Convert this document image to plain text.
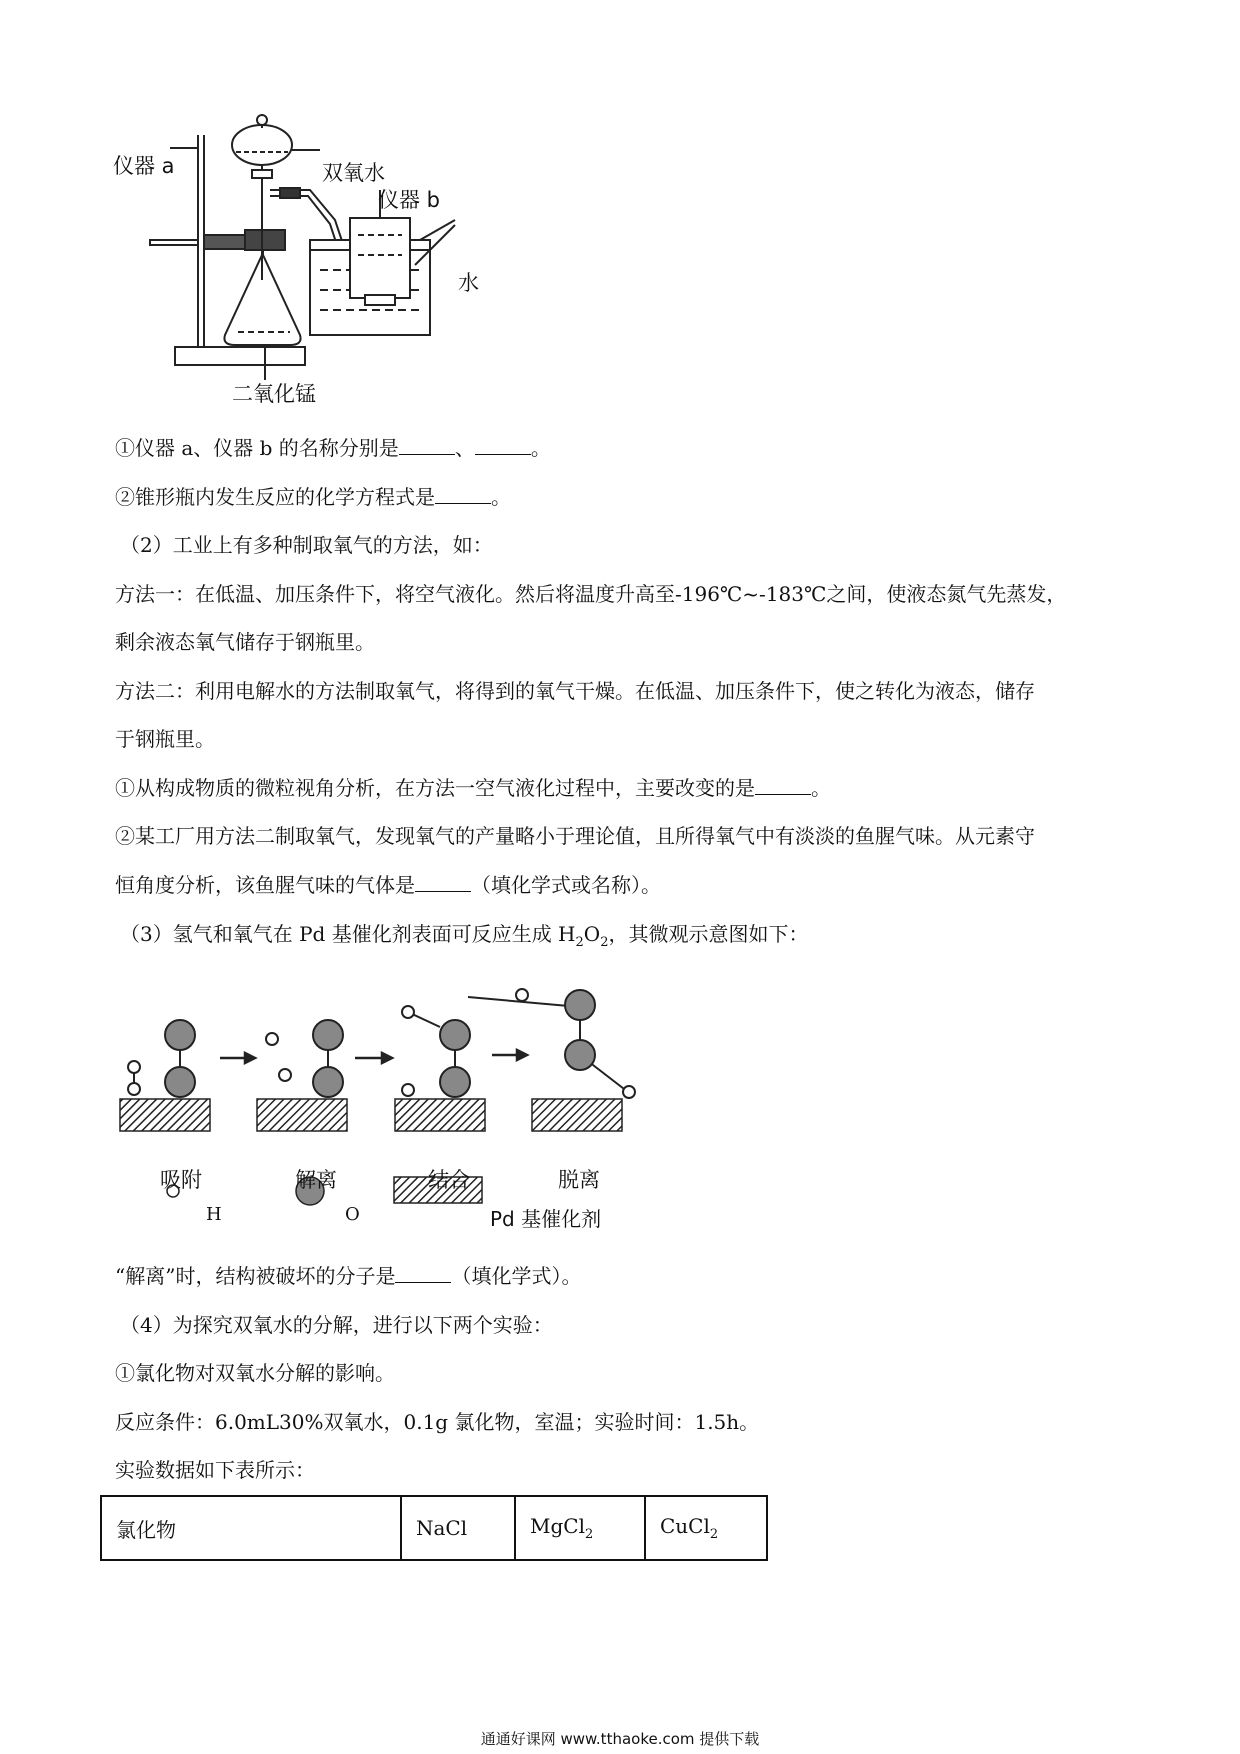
仪器 a	双氧水
仪器 b
水
二氧化锰
①仪器 a、仪器 b 的名称分别是	、	。
②锥形瓶内发生反应的化学方程式是	。
（2）工业上有多种制取氧气的方法，如：
方法一：在低温、加压条件下，将空气液化。然后将温度升高至-196℃~-183℃之间，使液态氮气先蒸发，
剩余液态氧气储存于钢瓶里。
方法二：利用电解水的方法制取氧气，将得到的氧气干燥。在低温、加压条件下，使之转化为液态，储存
于钢瓶里。
①从构成物质的微粒视角分析，在方法一空气液化过程中，主要改变的是	。
②某工厂用方法二制取氧气，发现氧气的产量略小于理论值，且所得氧气中有淡淡的鱼腥气味。从元素守
恒角度分析，该鱼腥气味的气体是	（填化学式或名称）。
（3）氢气和氧气在 Pd 基催化剂表面可反应生成 $H_2O_2$，其微观示意图如下：
吸附	解离	结合	脱离
H	O	Pd 基催化剂
“解离”时，结构被破坏的分子是	（填化学式）。
（4）为探究双氧水的分解，进行以下两个实验：
①氯化物对双氧水分解的影响。
反应条件：6.0mL30%双氧水，0.1g 氯化物，室温；实验时间：1.5h。
实验数据如下表所示：
氯化物	NaCl	MgCl$_2$	CuCl$_2$
通通好课网 www.tthaoke.com 提供下载
